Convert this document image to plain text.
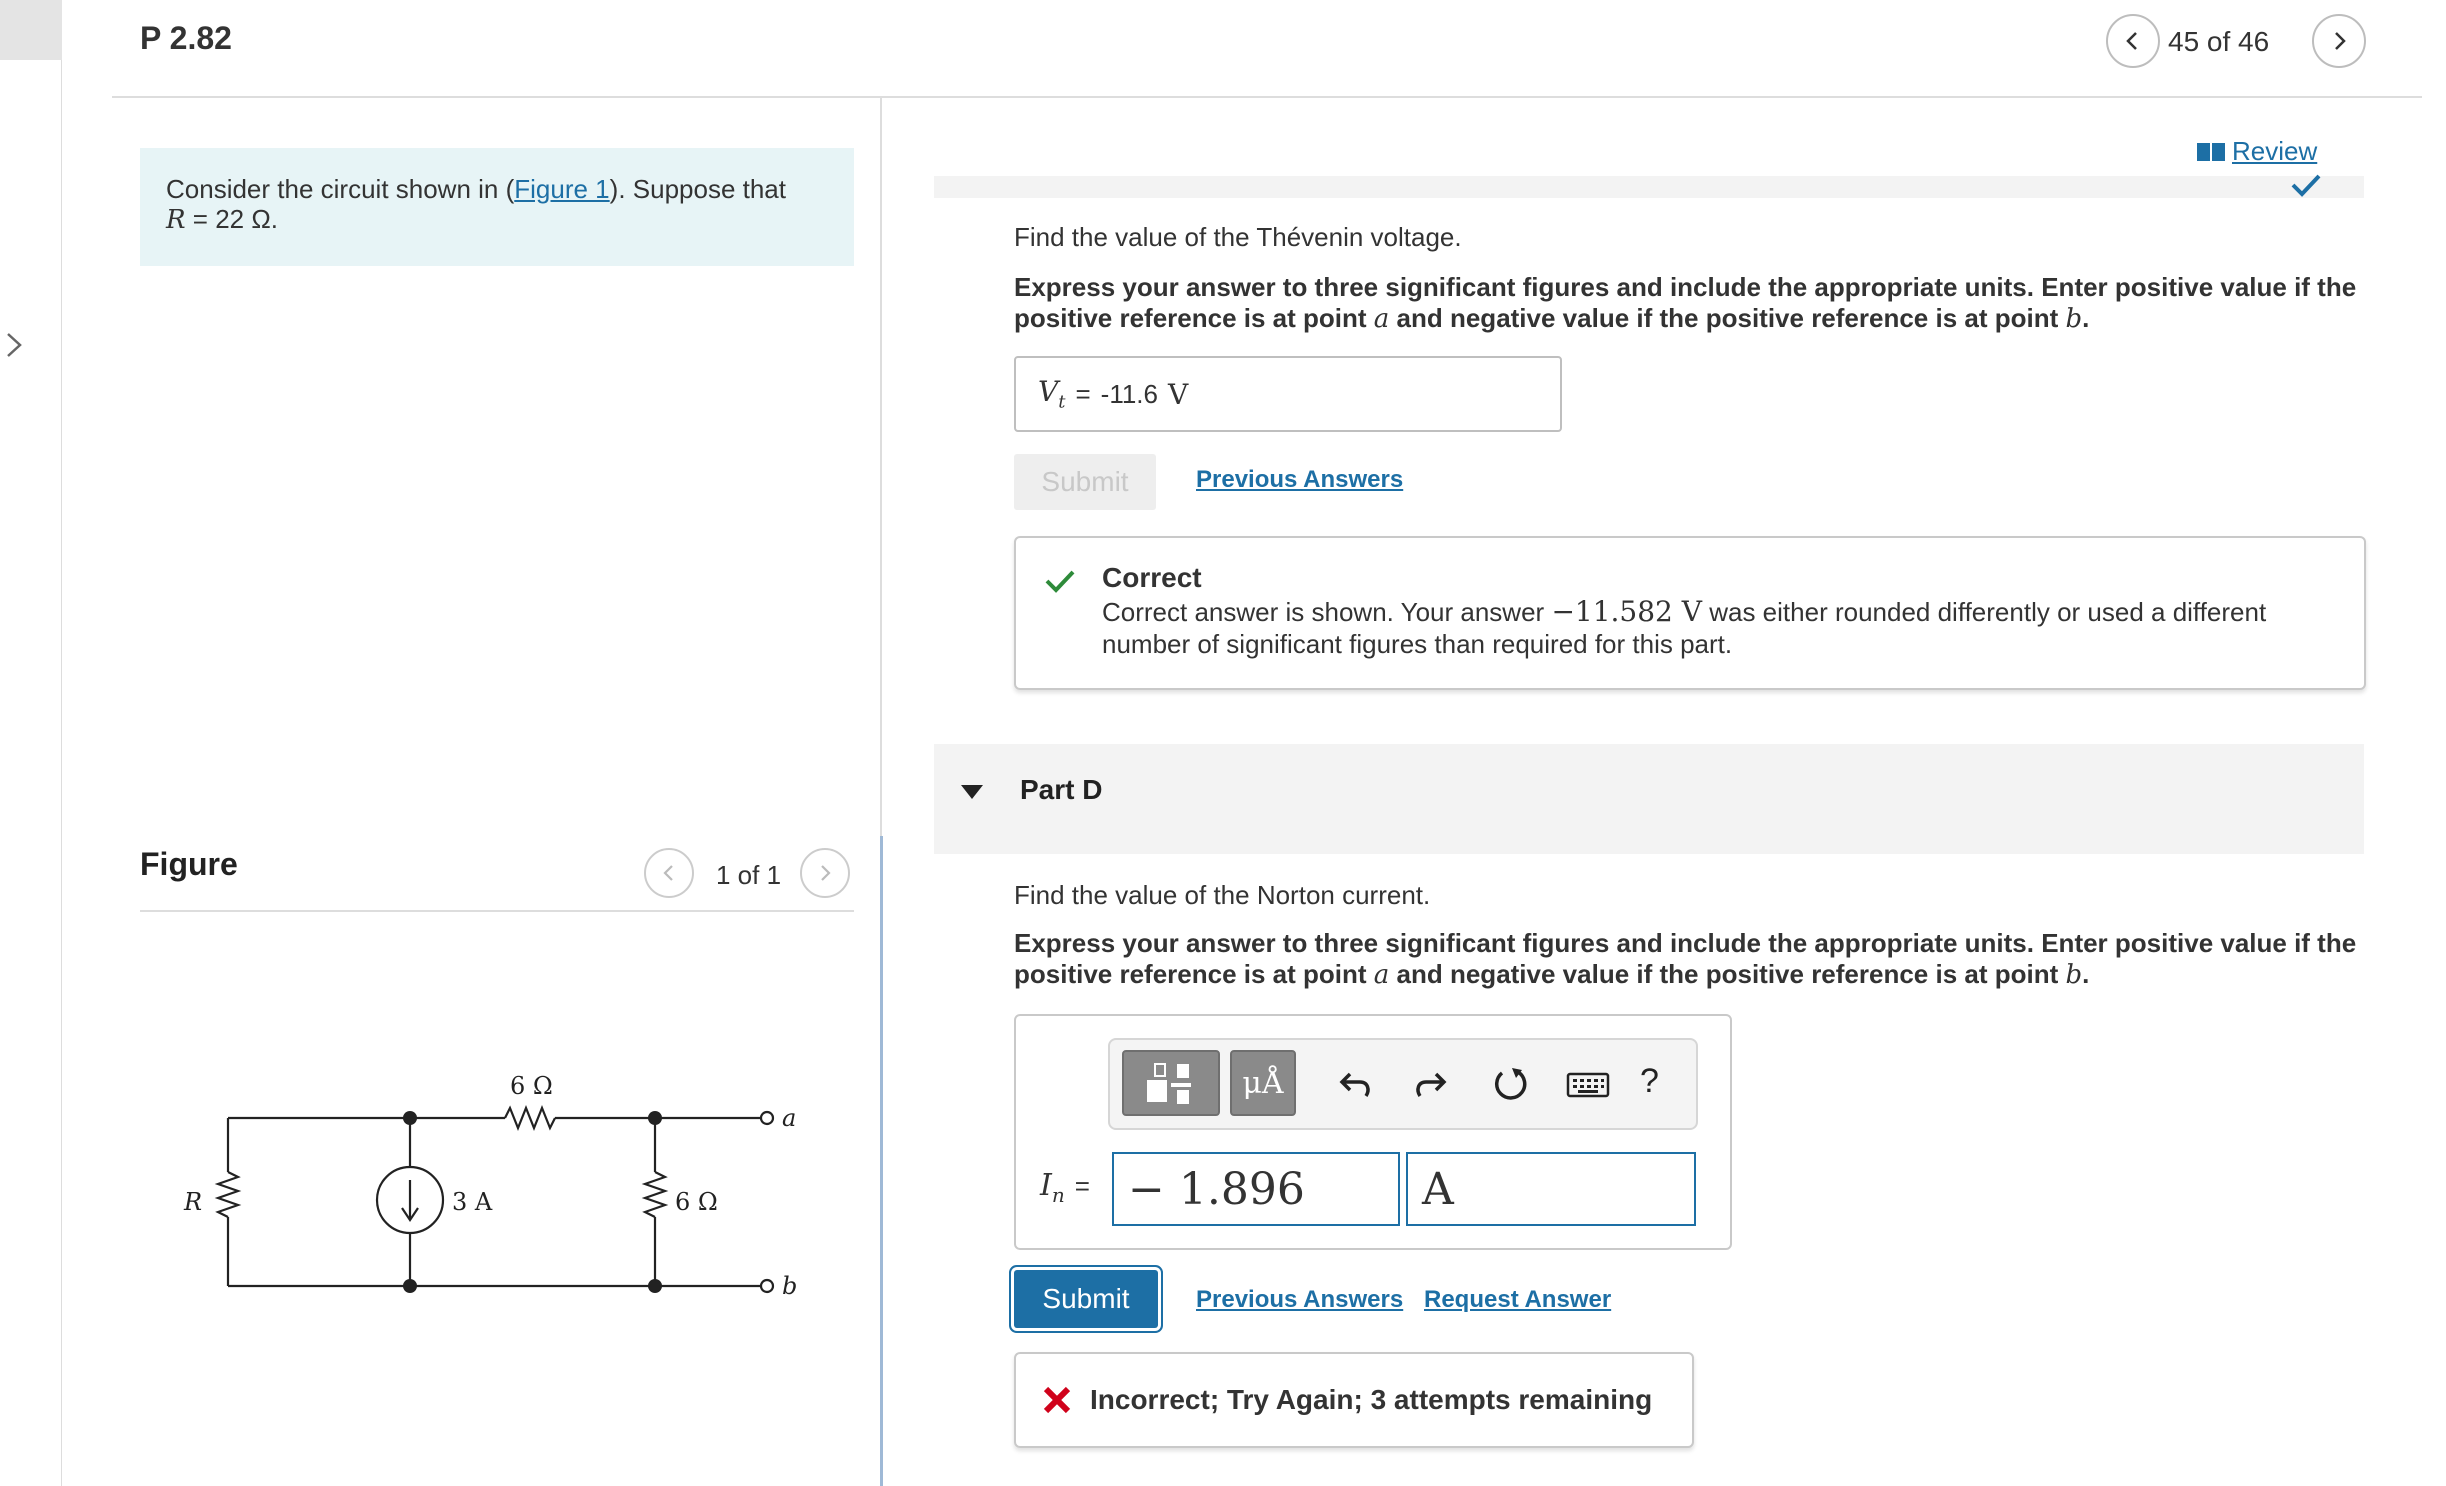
P 2.82	45 of 46
Consider the circuit shown in (Figure 1). Suppose that
R = 22 Ω.
Figure	1 of 1
6 Ω
R	3 A	6 Ω
a
b
Review
Find the value of the Thévenin voltage.
Express your answer to three significant figures and include the appropriate units. Enter positive value if the
positive reference is at point a and negative value if the positive reference is at point b.
$V_t = -11.6$ V
Submit	Previous Answers
Correct
Correct answer is shown. Your answer −11.582 V was either rounded differently or used a different
number of significant figures than required for this part.
Part D
Find the value of the Norton current.
Express your answer to three significant figures and include the appropriate units. Enter positive value if the
positive reference is at point a and negative value if the positive reference is at point b.
μÅ	?
$I_n$ = − 1.896	A
Submit	Previous Answers Request Answer
Incorrect; Try Again; 3 attempts remaining
